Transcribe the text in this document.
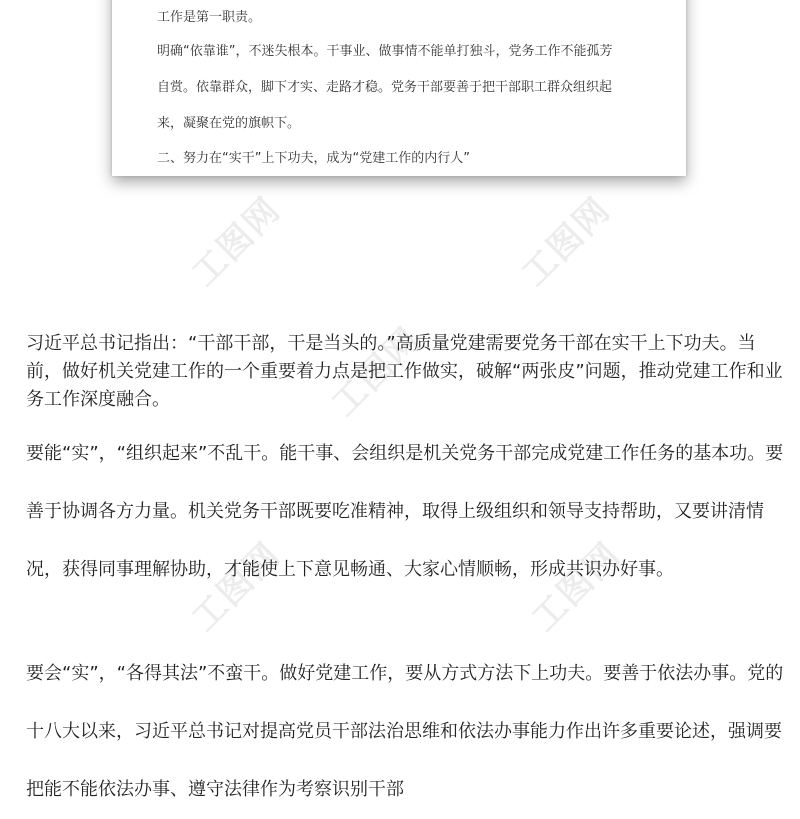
工作是第一职责。
明确“依靠谁”，不迷失根本。干事业、做事情不能单打独斗，党务工作不能孤芳
自赏。依靠群众，脚下才实、走路才稳。党务干部要善于把干部职工群众组织起
来，凝聚在党的旗帜下。
二、努力在“实干”上下功夫，成为“党建工作的内行人”
工图网	工图网
工图网
工图网	工图网

习近平总书记指出：“干部干部，干是当头的。”高质量党建需要党务干部在实干上下功夫。当前，做好机关党建工作的一个重要着力点是把工作做实，破解“两张皮”问题，推动党建工作和业务工作深度融合。

要能“实”，“组织起来”不乱干。能干事、会组织是机关党务干部完成党建工作任务的基本功。要善于协调各方力量。机关党务干部既要吃准精神，取得上级组织和领导支持帮助，又要讲清情况，获得同事理解协助，才能使上下意见畅通、大家心情顺畅，形成共识办好事。

要会“实”，“各得其法”不蛮干。做好党建工作，要从方式方法下上功夫。要善于依法办事。党的十八大以来，习近平总书记对提高党员干部法治思维和依法办事能力作出许多重要论述，强调要把能不能依法办事、遵守法律作为考察识别干部
